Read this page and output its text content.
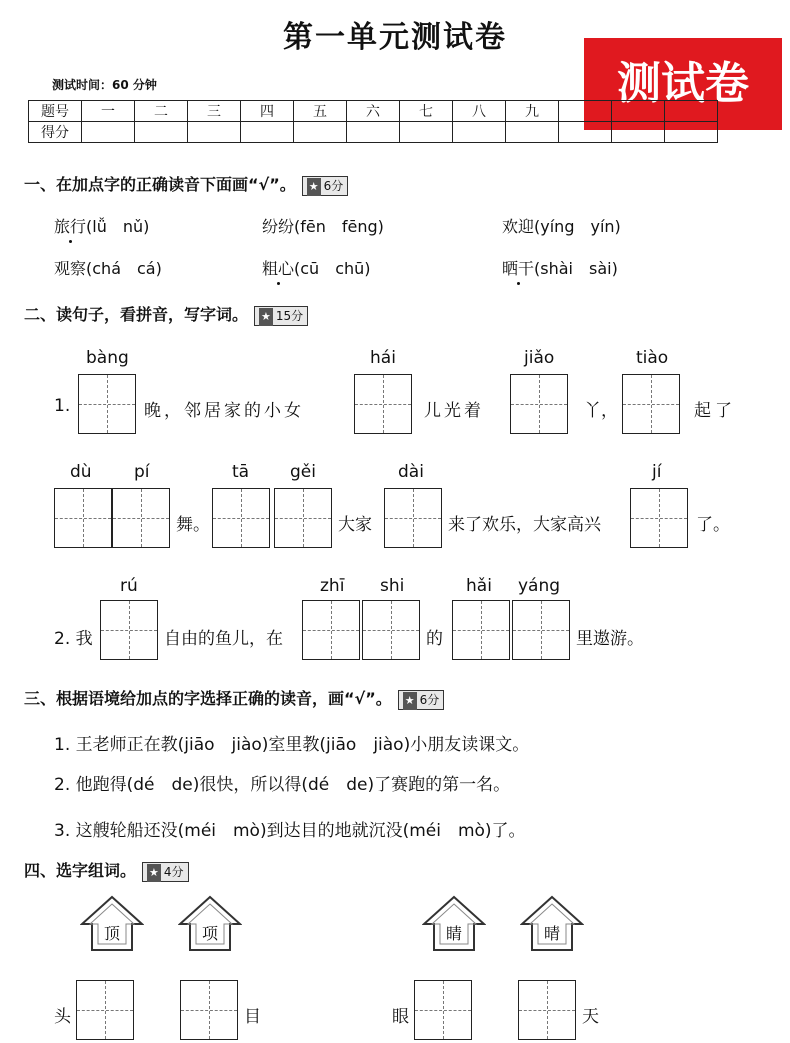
第一单元测试卷
测试卷
测试时间：60 分钟
题号	一	二	三	四	五	六	七	八	九			
得分												
一、在加点字的正确读音下面画“√”。 ★ 6分
旅行(lǚ　nǔ)	纷纷(fēn　fēng)	欢迎(yíng　yín)
观察(chá　cá)	粗心(cū　chū)	晒干(shài　sài)
二、读句子，看拼音，写字词。 ★ 15分
bàng	hái	jiǎo	tiào
1.	晚，邻居家的小女	儿光着	丫，	起了
dù pí	tā gěi	dài	jí
舞。	大家	来了欢乐，大家高兴	了。
rú	zhī shi	hǎi yáng
2. 我	自由的鱼儿，在	的	里遨游。
三、根据语境给加点的字选择正确的读音，画“√”。 ★ 6分
1. 王老师正在教(jiāo　jiào)室里教(jiāo　jiào)小朋友读课文。
2. 他跑得(dé　de)很快，所以得(dé　de)了赛跑的第一名。
3. 这艘轮船还没(méi　mò)到达目的地就沉没(méi　mò)了。
四、选字组词。 ★ 4分
顶	项	睛	晴
头	目	眼	天
